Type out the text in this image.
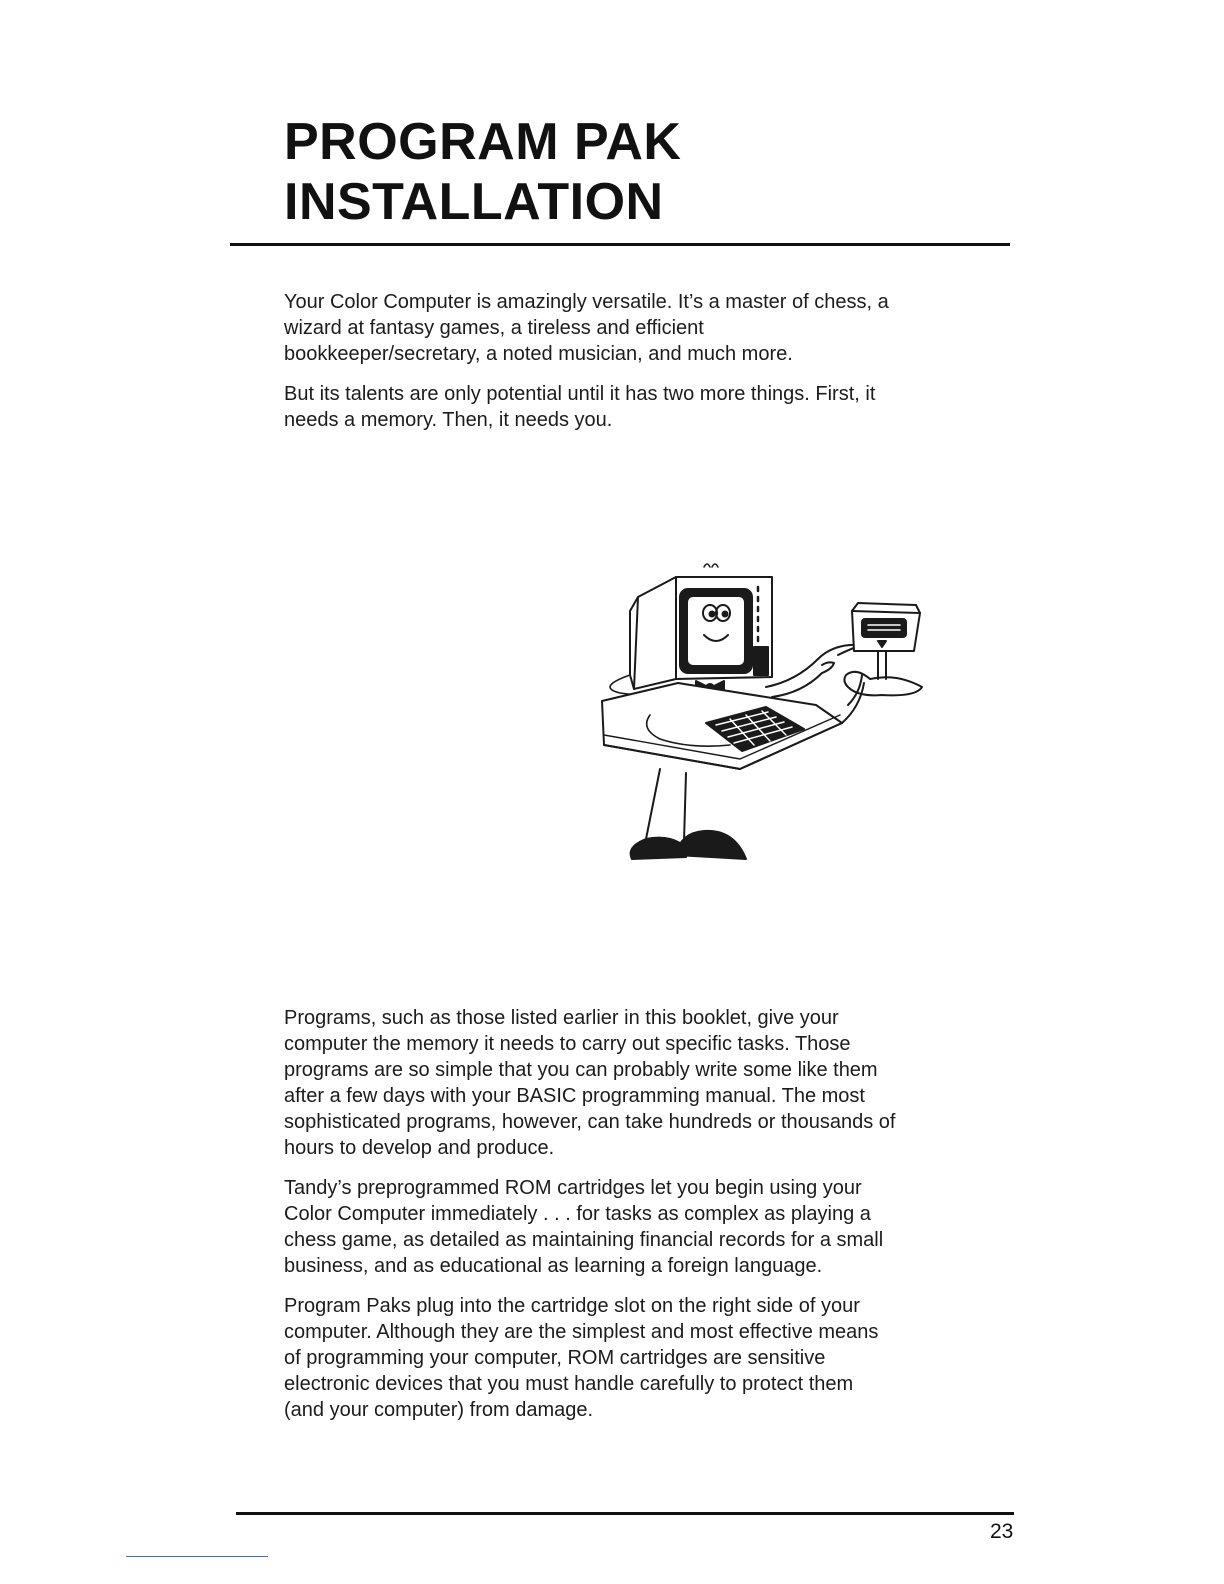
PROGRAM PAK
INSTALLATION

Your Color Computer is amazingly versatile. It’s a master of chess, a
wizard at fantasy games, a tireless and efficient
bookkeeper/secretary, a noted musician, and much more.

But its talents are only potential until it has two more things. First, it
needs a memory. Then, it needs you.

Programs, such as those listed earlier in this booklet, give your
computer the memory it needs to carry out specific tasks. Those
programs are so simple that you can probably write some like them
after a few days with your BASIC programming manual. The most
sophisticated programs, however, can take hundreds or thousands of
hours to develop and produce.

Tandy’s preprogrammed ROM cartridges let you begin using your
Color Computer immediately . . . for tasks as complex as playing a
chess game, as detailed as maintaining financial records for a small
business, and as educational as learning a foreign language.

Program Paks plug into the cartridge slot on the right side of your
computer. Although they are the simplest and most effective means
of programming your computer, ROM cartridges are sensitive
electronic devices that you must handle carefully to protect them
(and your computer) from damage.

23
